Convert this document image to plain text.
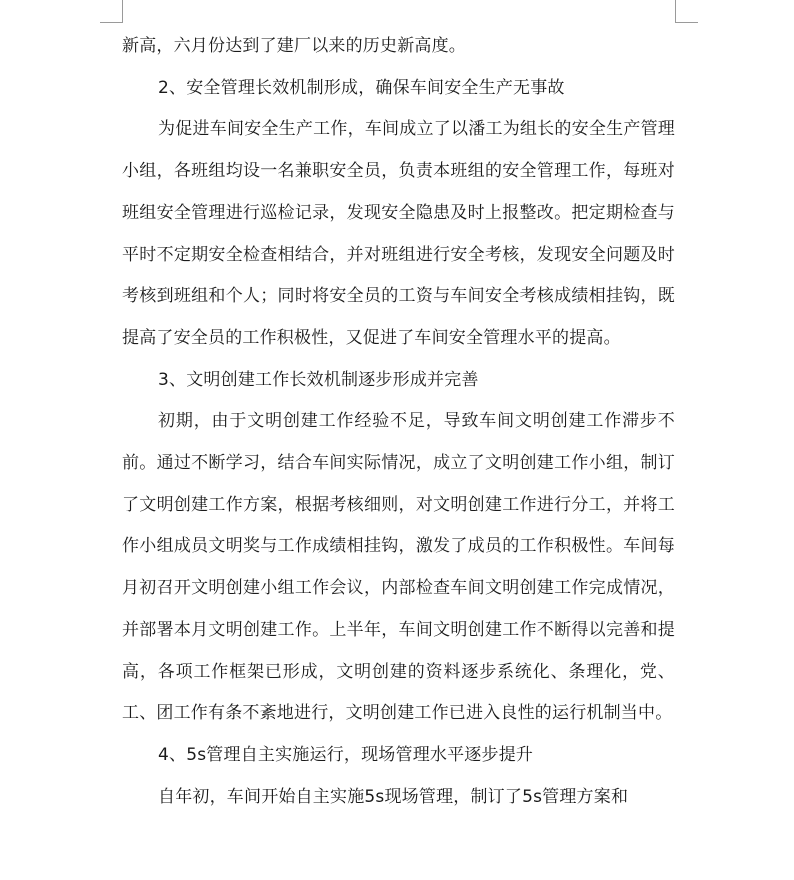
新高，六月份达到了建厂以来的历史新高度。

2、安全管理长效机制形成，确保车间安全生产无事故

为促进车间安全生产工作，车间成立了以潘工为组长的安全生产管理小组，各班组均设一名兼职安全员，负责本班组的安全管理工作，每班对班组安全管理进行巡检记录，发现安全隐患及时上报整改。把定期检查与平时不定期安全检查相结合，并对班组进行安全考核，发现安全问题及时考核到班组和个人；同时将安全员的工资与车间安全考核成绩相挂钩，既提高了安全员的工作积极性，又促进了车间安全管理水平的提高。

3、文明创建工作长效机制逐步形成并完善

初期，由于文明创建工作经验不足，导致车间文明创建工作滞步不前。通过不断学习，结合车间实际情况，成立了文明创建工作小组，制订了文明创建工作方案，根据考核细则，对文明创建工作进行分工，并将工作小组成员文明奖与工作成绩相挂钩，激发了成员的工作积极性。车间每月初召开文明创建小组工作会议，内部检查车间文明创建工作完成情况，并部署本月文明创建工作。上半年，车间文明创建工作不断得以完善和提高，各项工作框架已形成，文明创建的资料逐步系统化、条理化，党、工、团工作有条不紊地进行，文明创建工作已进入良性的运行机制当中。

4、5s管理自主实施运行，现场管理水平逐步提升

自年初，车间开始自主实施5s现场管理，制订了5s管理方案和
